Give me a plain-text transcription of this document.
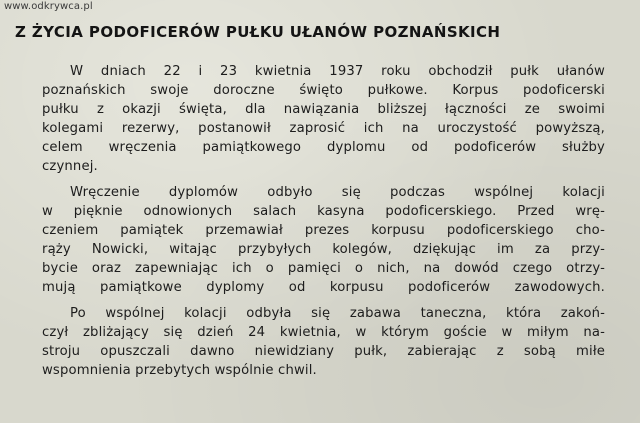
www.odkrywca.pl
Z ŻYCIA PODOFICERÓW PUŁKU UŁANÓW POZNAŃSKICH
W dniach 22 i 23 kwietnia 1937 roku obchodził pułk ułanów
poznańskich swoje doroczne święto pułkowe. Korpus podoficerski
pułku z okazji święta, dla nawiązania bliższej łączności ze swoimi
kolegami rezerwy, postanowił zaprosić ich na uroczystość powyższą,
celem wręczenia pamiątkowego dyplomu od podoficerów służby
czynnej.
Wręczenie dyplomów odbyło się podczas wspólnej kolacji
w pięknie odnowionych salach kasyna podoficerskiego. Przed wrę-
czeniem pamiątek przemawiał prezes korpusu podoficerskiego cho-
rąży Nowicki, witając przybyłych kolegów, dziękując im za przy-
bycie oraz zapewniając ich o pamięci o nich, na dowód czego otrzy-
mują pamiątkowe dyplomy od korpusu podoficerów zawodowych.
Po wspólnej kolacji odbyła się zabawa taneczna, która zakoń-
czył zbliżający się dzień 24 kwietnia, w którym goście w miłym na-
stroju opuszczali dawno niewidziany pułk, zabierając z sobą miłe
wspomnienia przebytych wspólnie chwil.
